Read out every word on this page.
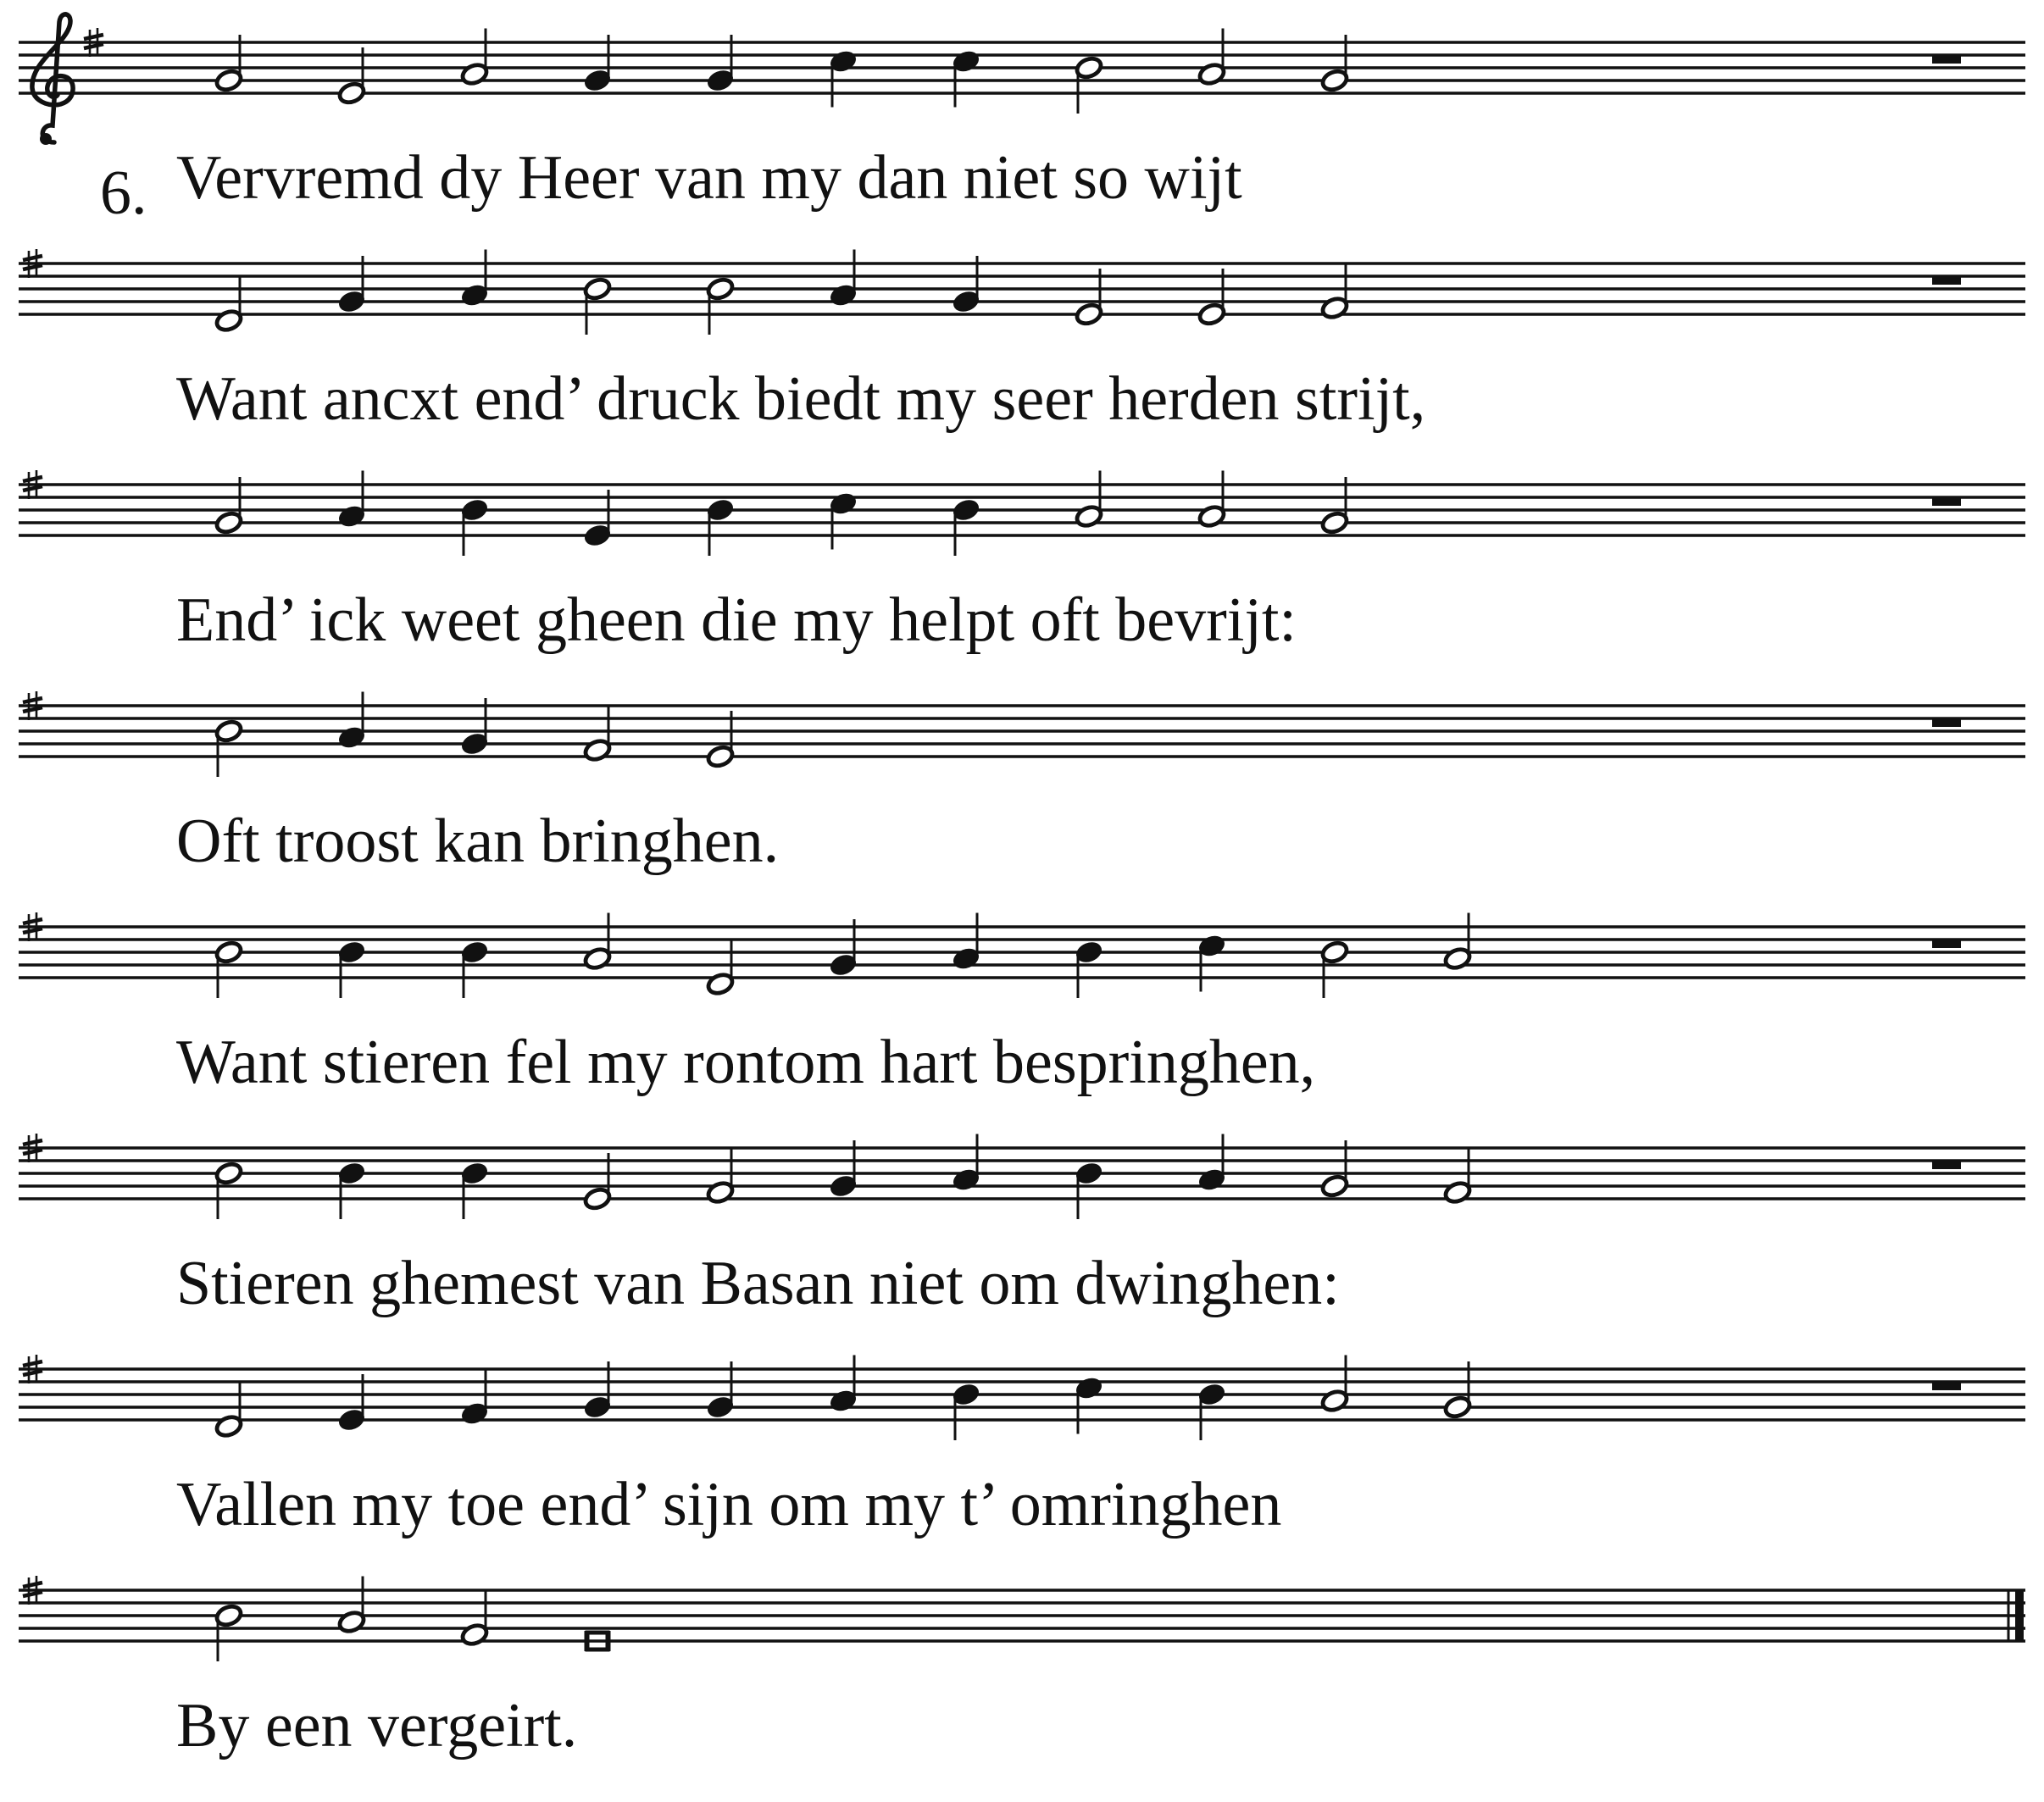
6. Vervremd dy Heer van my dan niet so wijt
Want ancxt end’ druck biedt my seer herden strijt,
End’ ick weet gheen die my helpt oft bevrijt:
Oft troost kan bringhen.
Want stieren fel my rontom hart bespringhen,
Stieren ghemest van Basan niet om dwinghen:
Vallen my toe end’ sijn om my t’ omringhen
By een vergeirt.
